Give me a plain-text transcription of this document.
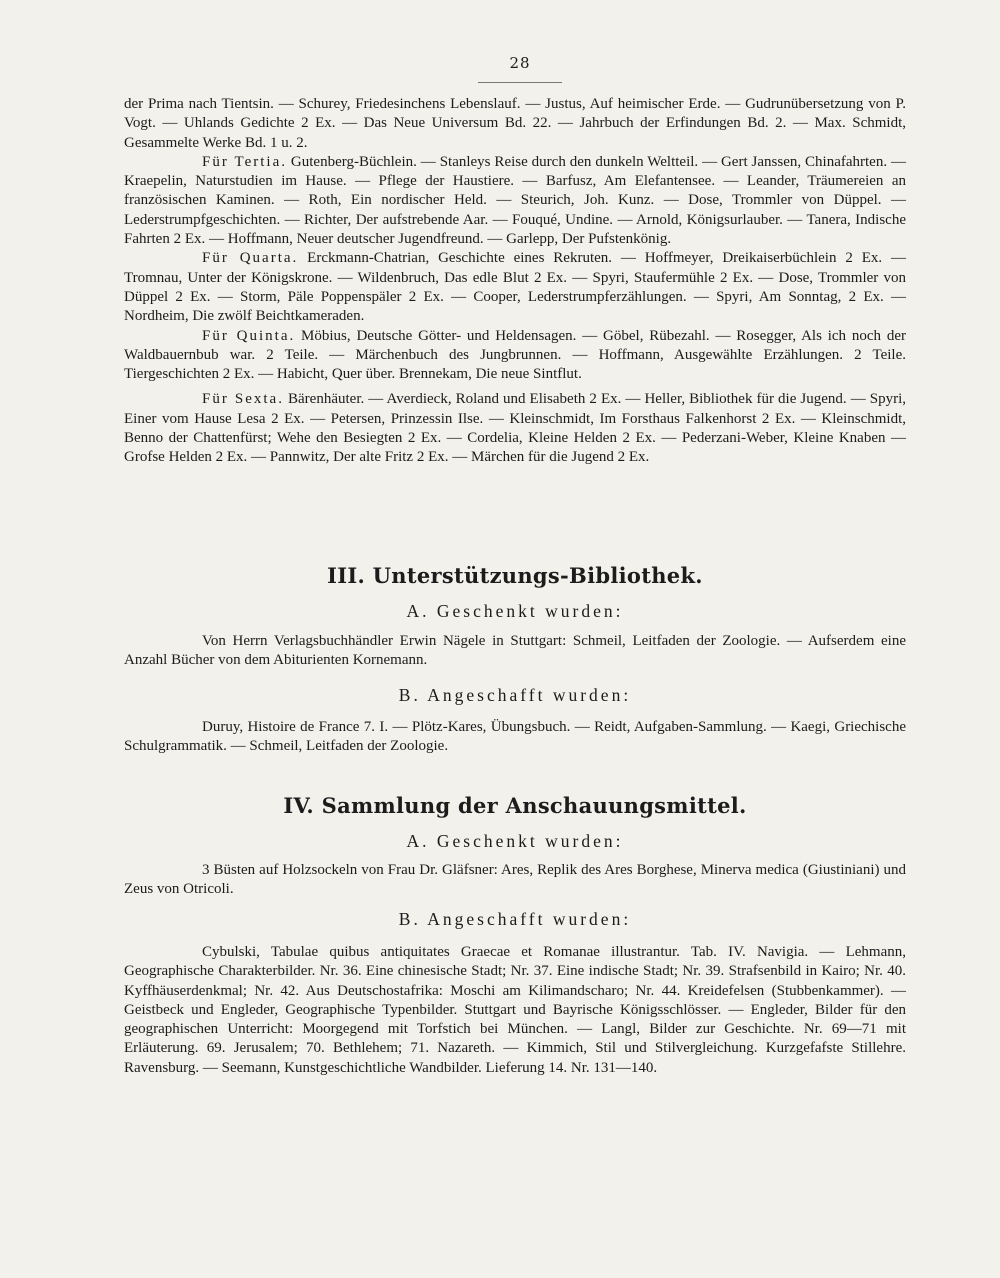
28

der Prima nach Tientsin. — Schurey, Friedesinchens Lebenslauf. — Justus, Auf heimischer Erde. — Gudrunübersetzung von P. Vogt. — Uhlands Gedichte 2 Ex. — Das Neue Universum Bd. 22. — Jahrbuch der Erfindungen Bd. 2. — Max. Schmidt, Gesammelte Werke Bd. 1 u. 2.

Für Tertia. Gutenberg-Büchlein. — Stanleys Reise durch den dunkeln Weltteil. — Gert Janssen, Chinafahrten. — Kraepelin, Naturstudien im Hause. — Pflege der Haustiere. — Barfusz, Am Elefantensee. — Leander, Träumereien an französischen Kaminen. — Roth, Ein nordischer Held. — Steurich, Joh. Kunz. — Dose, Trommler von Düppel. — Lederstrumpfgeschichten. — Richter, Der aufstrebende Aar. — Fouqué, Undine. — Arnold, Königsurlauber. — Tanera, Indische Fahrten 2 Ex. — Hoffmann, Neuer deutscher Jugendfreund. — Garlepp, Der Pufstenkönig.

Für Quarta. Erckmann-Chatrian, Geschichte eines Rekruten. — Hoffmeyer, Dreikaiserbüchlein 2 Ex. — Tromnau, Unter der Königskrone. — Wildenbruch, Das edle Blut 2 Ex. — Spyri, Staufermühle 2 Ex. — Dose, Trommler von Düppel 2 Ex. — Storm, Päle Poppenspäler 2 Ex. — Cooper, Lederstrumpferzählungen. — Spyri, Am Sonntag, 2 Ex. — Nordheim, Die zwölf Beichtkameraden.

Für Quinta. Möbius, Deutsche Götter- und Heldensagen. — Göbel, Rübezahl. — Rosegger, Als ich noch der Waldbauernbub war. 2 Teile. — Märchenbuch des Jungbrunnen. — Hoffmann, Ausgewählte Erzählungen. 2 Teile. Tiergeschichten 2 Ex. — Habicht, Quer über. Brennekam, Die neue Sintflut.

Für Sexta. Bärenhäuter. — Averdieck, Roland und Elisabeth 2 Ex. — Heller, Bibliothek für die Jugend. — Spyri, Einer vom Hause Lesa 2 Ex. — Petersen, Prinzessin Ilse. — Kleinschmidt, Im Forsthaus Falkenhorst 2 Ex. — Kleinschmidt, Benno der Chattenfürst; Wehe den Besiegten 2 Ex. — Cordelia, Kleine Helden 2 Ex. — Pederzani-Weber, Kleine Knaben — Grofse Helden 2 Ex. — Pannwitz, Der alte Fritz 2 Ex. — Märchen für die Jugend 2 Ex.

III. Unterstützungs-Bibliothek.
A. Geschenkt wurden:

Von Herrn Verlagsbuchhändler Erwin Nägele in Stuttgart: Schmeil, Leitfaden der Zoologie. — Aufserdem eine Anzahl Bücher von dem Abiturienten Kornemann.

B. Angeschafft wurden:

Duruy, Histoire de France 7. I. — Plötz-Kares, Übungsbuch. — Reidt, Aufgaben-Sammlung. — Kaegi, Griechische Schulgrammatik. — Schmeil, Leitfaden der Zoologie.

IV. Sammlung der Anschauungsmittel.
A. Geschenkt wurden:

3 Büsten auf Holzsockeln von Frau Dr. Gläfsner: Ares, Replik des Ares Borghese, Minerva medica (Giustiniani) und Zeus von Otricoli.

B. Angeschafft wurden:

Cybulski, Tabulae quibus antiquitates Graecae et Romanae illustrantur. Tab. IV. Navigia. — Lehmann, Geographische Charakterbilder. Nr. 36. Eine chinesische Stadt; Nr. 37. Eine indische Stadt; Nr. 39. Strafsenbild in Kairo; Nr. 40. Kyffhäuserdenkmal; Nr. 42. Aus Deutschostafrika: Moschi am Kilimandscharo; Nr. 44. Kreidefelsen (Stubbenkammer). — Geistbeck und Engleder, Geographische Typenbilder. Stuttgart und Bayrische Königsschlösser. — Engleder, Bilder für den geographischen Unterricht: Moorgegend mit Torfstich bei München. — Langl, Bilder zur Geschichte. Nr. 69—71 mit Erläuterung. 69. Jerusalem; 70. Bethlehem; 71. Nazareth. — Kimmich, Stil und Stilvergleichung. Kurzgefafste Stillehre. Ravensburg. — Seemann, Kunstgeschichtliche Wandbilder. Lieferung 14. Nr. 131—140.
